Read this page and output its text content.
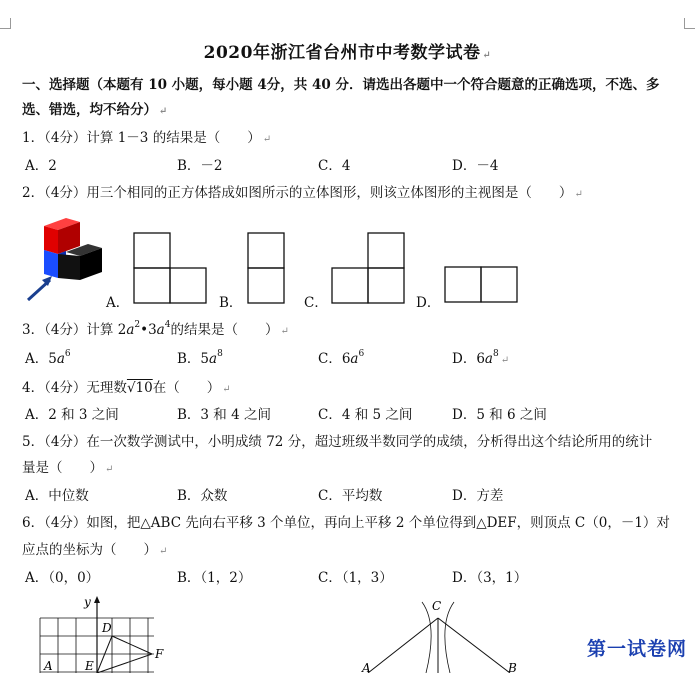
2020年浙江省台州市中考数学试卷 ↵
一、选择题（本题有 10 小题，每小题 4分，共 40 分．请选出各题中一个符合题意的正确选项，不选、多
选、错选，均不给分） ↵
1．（4分）计算 1－3 的结果是（　　） ↵
A．2	B．－2	C．4	D．－4
2．（4分）用三个相同的正方体搭成如图所示的立体图形，则该立体图形的主视图是（　　） ↵
A．	B．	C．	D．
3．（4分）计算 $2a^2•3a^4$的结果是（　　） ↵
A．$5a^6$	B．$5a^8$	C．$6a^6$	D．$6a^8↵$
4．（4分）无理数√10在（　　） ↵
A．2 和 3 之间	B．3 和 4 之间	C．4 和 5 之间	D．5 和 6 之间
5．（4分）在一次数学测试中，小明成绩 72 分，超过班级半数同学的成绩，分析得出这个结论所用的统计
量是（　　） ↵
A．中位数	B．众数	C．平均数	D．方差
6．（4分）如图，把△ABC 先向右平移 3 个单位，再向上平移 2 个单位得到△DEF，则顶点 C（0，－1）对
应点的坐标为（　　） ↵
A．（0，0）	B．（1，2）	C．（1，3）	D．（3，1）
y
D
A	E
F
C
A	B
第一试卷网
